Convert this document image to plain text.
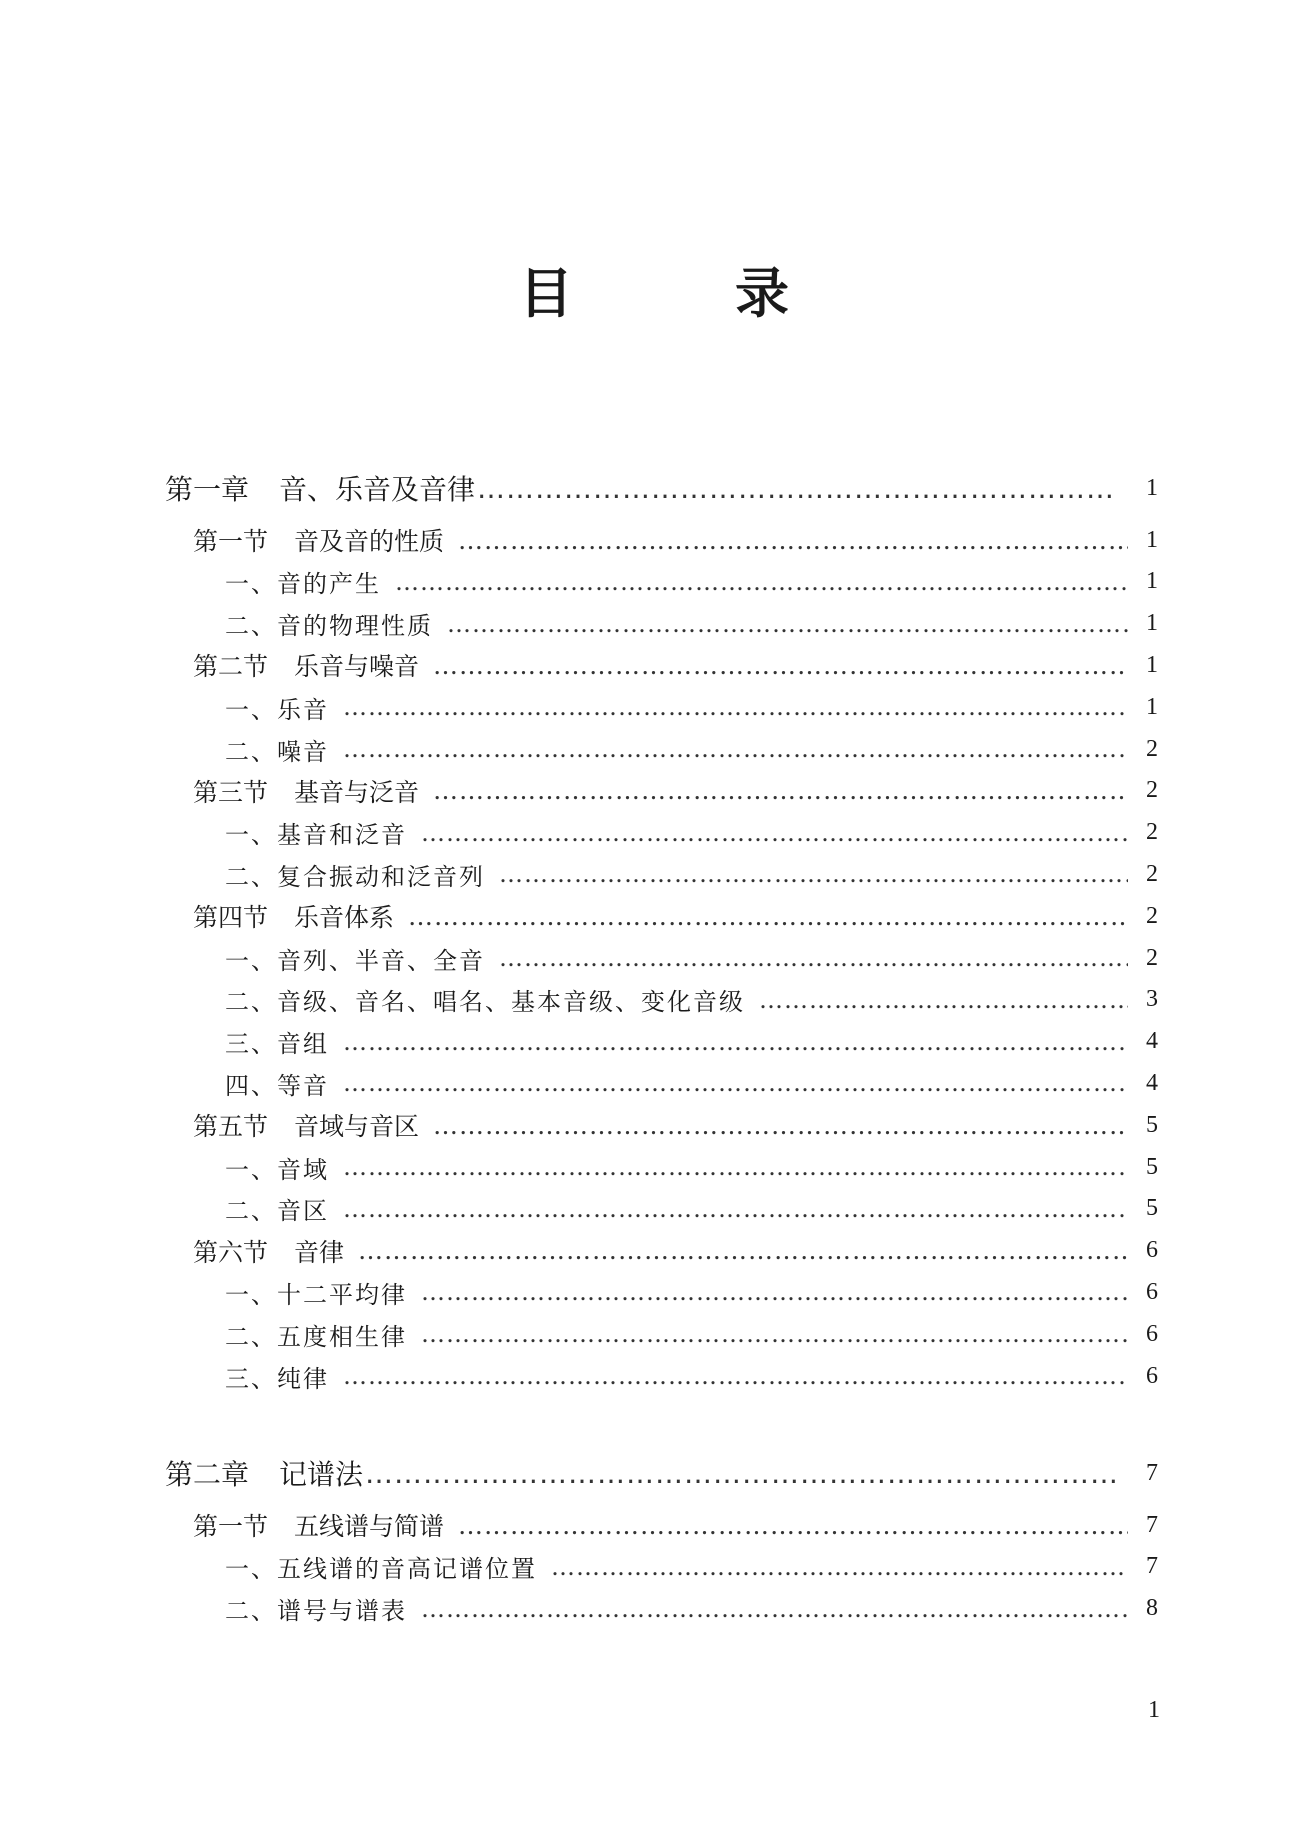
目　录
第一章 音、乐音及音律 ………………………………………………………………………………………………………………………………………………………………………………………………………………………………………………	1
第一节 音及音的性质 ………………………………………………………………………………………………………………………………………………………………………………………………………………………………………………	1
一、音的产生 ………………………………………………………………………………………………………………………………………………………………………………………………………………………………………………	1
二、音的物理性质 ………………………………………………………………………………………………………………………………………………………………………………………………………………………………………………	1
第二节 乐音与噪音 ………………………………………………………………………………………………………………………………………………………………………………………………………………………………………………	1
一、乐音 ………………………………………………………………………………………………………………………………………………………………………………………………………………………………………………	1
二、噪音 ………………………………………………………………………………………………………………………………………………………………………………………………………………………………………………	2
第三节 基音与泛音 ………………………………………………………………………………………………………………………………………………………………………………………………………………………………………………	2
一、基音和泛音 ………………………………………………………………………………………………………………………………………………………………………………………………………………………………………………	2
二、复合振动和泛音列 ………………………………………………………………………………………………………………………………………………………………………………………………………………………………………………	2
第四节 乐音体系 ………………………………………………………………………………………………………………………………………………………………………………………………………………………………………………	2
一、音列、半音、全音 ………………………………………………………………………………………………………………………………………………………………………………………………………………………………………………	2
二、音级、音名、唱名、基本音级、变化音级 ………………………………………………………………………………………………………………………………………………………………………………………………………………………………………………	3
三、音组 ………………………………………………………………………………………………………………………………………………………………………………………………………………………………………………	4
四、等音 ………………………………………………………………………………………………………………………………………………………………………………………………………………………………………………	4
第五节 音域与音区 ………………………………………………………………………………………………………………………………………………………………………………………………………………………………………………	5
一、音域 ………………………………………………………………………………………………………………………………………………………………………………………………………………………………………………	5
二、音区 ………………………………………………………………………………………………………………………………………………………………………………………………………………………………………………	5
第六节 音律 ………………………………………………………………………………………………………………………………………………………………………………………………………………………………………………	6
一、十二平均律 ………………………………………………………………………………………………………………………………………………………………………………………………………………………………………………	6
二、五度相生律 ………………………………………………………………………………………………………………………………………………………………………………………………………………………………………………	6
三、纯律 ………………………………………………………………………………………………………………………………………………………………………………………………………………………………………………	6
第二章 记谱法 ………………………………………………………………………………………………………………………………………………………………………………………………………………………………………………	7
第一节 五线谱与简谱 ………………………………………………………………………………………………………………………………………………………………………………………………………………………………………………	7
一、五线谱的音高记谱位置 ………………………………………………………………………………………………………………………………………………………………………………………………………………………………………………	7
二、谱号与谱表 ………………………………………………………………………………………………………………………………………………………………………………………………………………………………………………	8
1
